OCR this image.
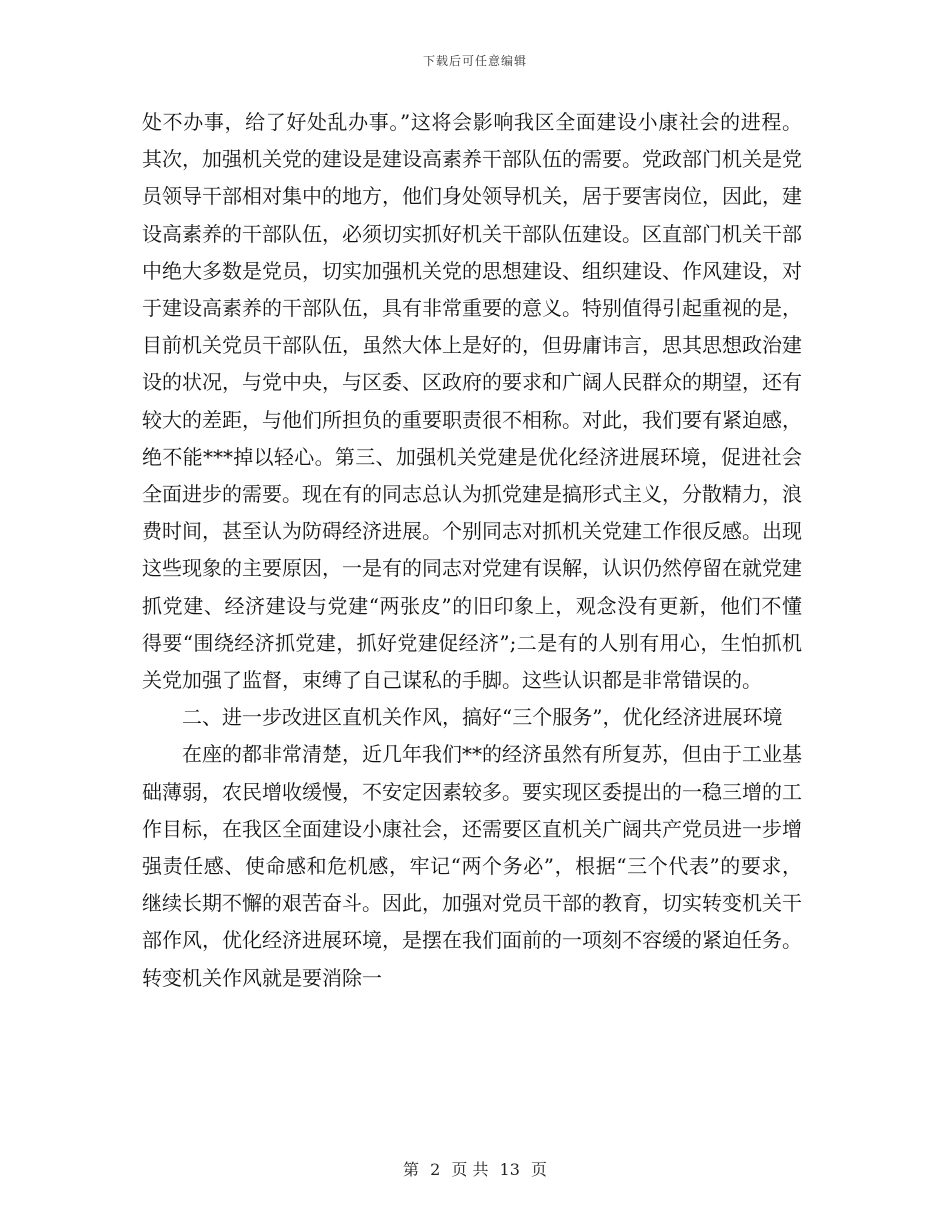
下载后可任意编辑

处不办事，给了好处乱办事。”这将会影响我区全面建设小康社会的进程。其次，加强机关党的建设是建设高素养干部队伍的需要。党政部门机关是党员领导干部相对集中的地方，他们身处领导机关，居于要害岗位，因此，建设高素养的干部队伍，必须切实抓好机关干部队伍建设。区直部门机关干部中绝大多数是党员，切实加强机关党的思想建设、组织建设、作风建设，对于建设高素养的干部队伍，具有非常重要的意义。特别值得引起重视的是，目前机关党员干部队伍，虽然大体上是好的，但毋庸讳言，思其思想政治建设的状况，与党中央，与区委、区政府的要求和广阔人民群众的期望，还有较大的差距，与他们所担负的重要职责很不相称。对此，我们要有紧迫感，绝不能***掉以轻心。第三、加强机关党建是优化经济进展环境，促进社会全面进步的需要。现在有的同志总认为抓党建是搞形式主义，分散精力，浪费时间，甚至认为防碍经济进展。个别同志对抓机关党建工作很反感。出现这些现象的主要原因，一是有的同志对党建有误解，认识仍然停留在就党建抓党建、经济建设与党建“两张皮”的旧印象上，观念没有更新，他们不懂得要“围绕经济抓党建，抓好党建促经济”;二是有的人别有用心，生怕抓机关党加强了监督，束缚了自己谋私的手脚。这些认识都是非常错误的。

二、进一步改进区直机关作风，搞好“三个服务”，优化经济进展环境

在座的都非常清楚，近几年我们**的经济虽然有所复苏，但由于工业基础薄弱，农民增收缓慢，不安定因素较多。要实现区委提出的一稳三增的工作目标，在我区全面建设小康社会，还需要区直机关广阔共产党员进一步增强责任感、使命感和危机感，牢记“两个务必”，根据“三个代表”的要求，继续长期不懈的艰苦奋斗。因此，加强对党员干部的教育，切实转变机关干部作风，优化经济进展环境，是摆在我们面前的一项刻不容缓的紧迫任务。转变机关作风就是要消除一

第 2 页 共 13 页
